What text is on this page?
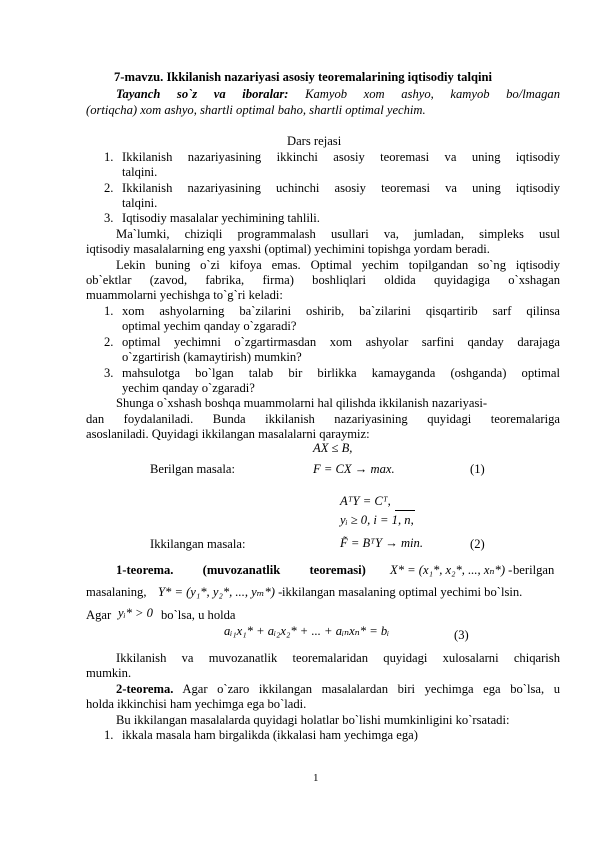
7-mavzu. Ikkilanish nazariyasi asosiy teoremalarining iqtisodiy talqini
Tayanch so`z va iboralar: Kamyob xom ashyo, kamyob bo/lmagan
(ortiqcha) xom ashyo, shartli optimal baho, shartli optimal yechim.
Dars rejasi
1. Ikkilanish nazariyasining ikkinchi asosiy teoremasi va uning iqtisodiy
talqini.
2. Ikkilanish nazariyasining uchinchi asosiy teoremasi va uning iqtisodiy
talqini.
3. Iqtisodiy masalalar yechimining tahlili.
Ma`lumki, chiziqli programmalash usullari va, jumladan, simpleks usul
iqtisodiy masalalarning eng yaxshi (optimal) yechimini topishga yordam beradi.
Lekin buning o`zi kifoya emas. Optimal yechim topilgandan so`ng iqtisodiy
ob`ektlar (zavod, fabrika, firma) boshliqlari oldida quyidagiga o`xshagan
muammolarni yechishga to`g`ri keladi:
1. xom ashyolarning ba`zilarini oshirib, ba`zilarini qisqartirib sarf qilinsa
optimal yechim qanday o`zgaradi?
2. optimal yechimni o`zgartirmasdan xom ashyolar sarfini qanday darajaga
o`zgartirish (kamaytirish) mumkin?
3. mahsulotga bo`lgan talab bir birlikka kamayganda (oshganda) optimal
yechim qanday o`zgaradi?
Shunga o`xshash boshqa muammolarni hal qilishda ikkilanish nazariyasi-
dan foydalaniladi. Bunda ikkilanish nazariyasining quyidagi teoremalariga
asoslaniladi. Quyidagi ikkilangan masalalarni qaraymiz:
AX ≤ B,
Berilgan masala:	F = CX → max.	(1)
AᵀY = Cᵀ,
yᵢ ≥ 0, i = 1, n,
Ikkilangan masala:	F̃ = BᵀY → min.	(2)
1-teorema. (muvozanatlik teoremasi) X* = (x₁*, x₂*, ..., xₙ*) - berilgan
masalaning, Y* = (y₁*, y₂*, ..., yₘ*) - ikkilangan masalaning optimal yechimi bo`lsin.
Agar yᵢ* > 0 bo`lsa, u holda
aᵢ₁x₁* + aᵢ₂x₂* + ... + aᵢₙxₙ* = bᵢ	(3)
Ikkilanish va muvozanatlik teoremalaridan quyidagi xulosalarni chiqarish
mumkin.
2-teorema. Agar o`zaro ikkilangan masalalardan biri yechimga ega bo`lsa, u
holda ikkinchisi ham yechimga ega bo`ladi.
Bu ikkilangan masalalarda quyidagi holatlar bo`lishi mumkinligini ko`rsatadi:
1. ikkala masala ham birgalikda (ikkalasi ham yechimga ega)
1
